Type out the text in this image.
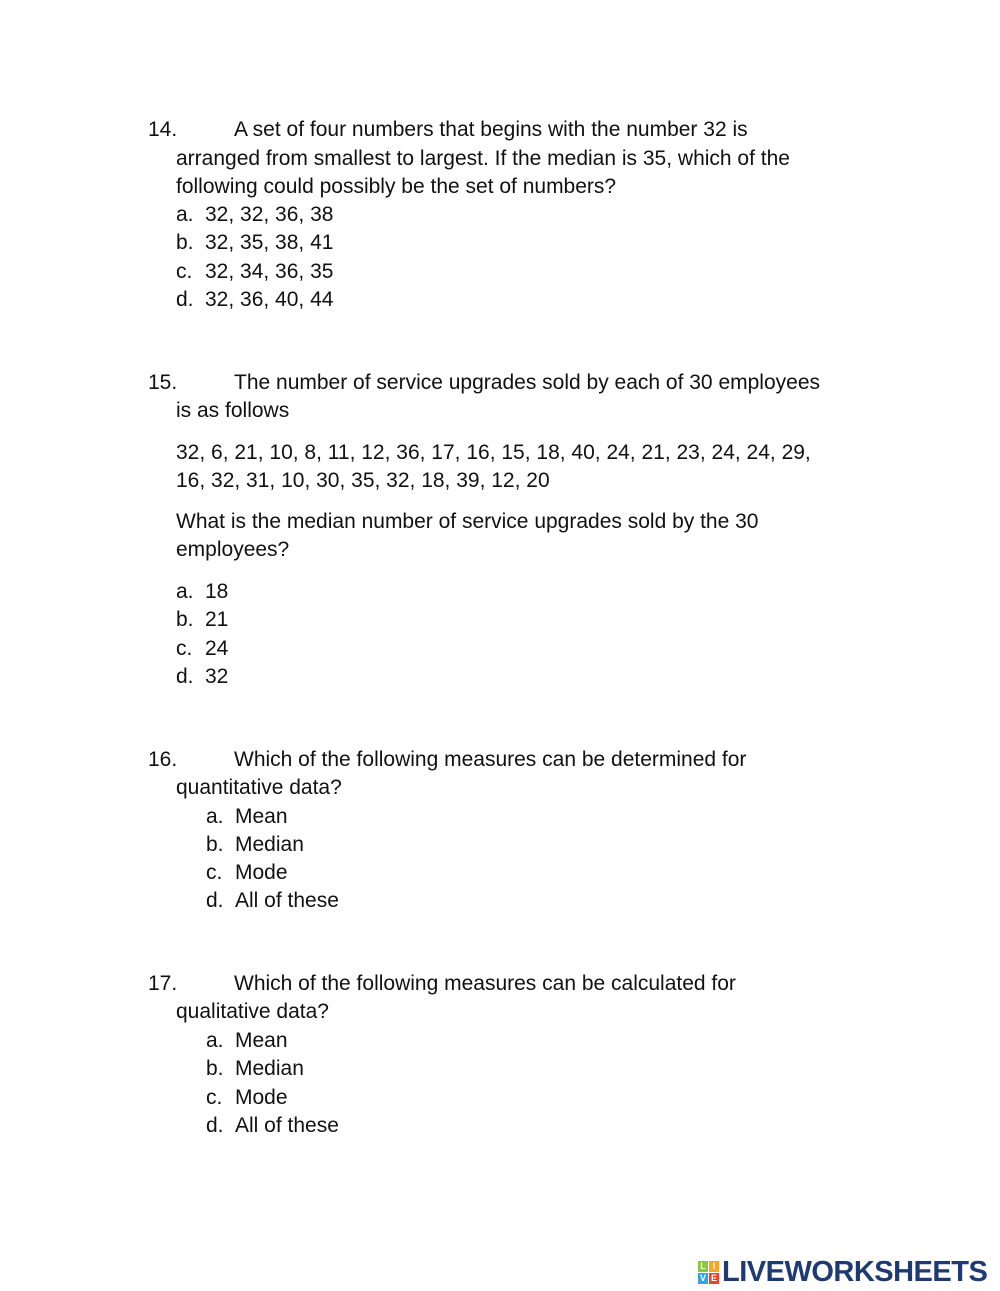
14.	A set of four numbers that begins with the number 32 is
arranged from smallest to largest. If the median is 35, which of the
following could possibly be the set of numbers?
a. 32, 32, 36, 38
b. 32, 35, 38, 41
c. 32, 34, 36, 35
d. 32, 36, 40, 44
15.	The number of service upgrades sold by each of 30 employees
is as follows
32, 6, 21, 10, 8, 11, 12, 36, 17, 16, 15, 18, 40, 24, 21, 23, 24, 24, 29,
16, 32, 31, 10, 30, 35, 32, 18, 39, 12, 20
What is the median number of service upgrades sold by the 30
employees?
a. 18
b. 21
c. 24
d. 32
16.	Which of the following measures can be determined for
quantitative data?
a. Mean
b. Median
c. Mode
d. All of these
17.	Which of the following measures can be calculated for
qualitative data?
a. Mean
b. Median
c. Mode
d. All of these
L I
V E LIVEWORKSHEETS
